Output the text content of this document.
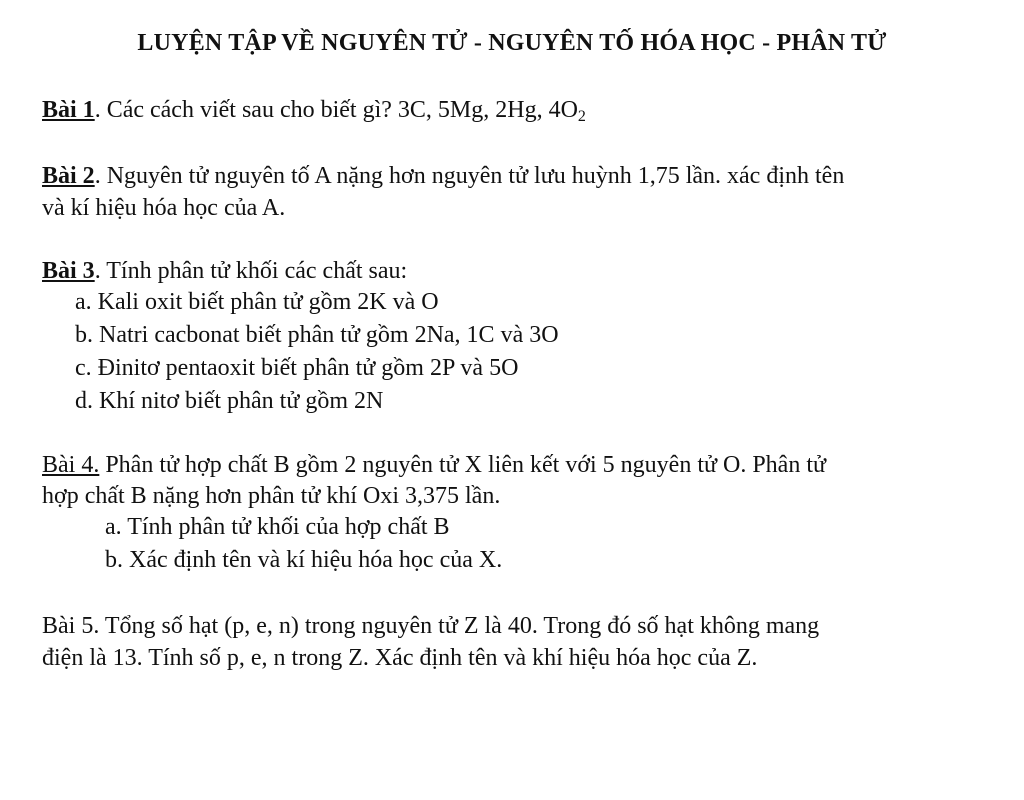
LUYỆN TẬP VỀ NGUYÊN TỬ - NGUYÊN TỐ HÓA HỌC - PHÂN TỬ
Bài 1. Các cách viết sau cho biết gì? 3C, 5Mg, 2Hg, $4O_2$
Bài 2. Nguyên tử nguyên tố A nặng hơn nguyên tử lưu huỳnh 1,75 lần. xác định tên
và kí hiệu hóa học của A.
Bài 3. Tính phân tử khối các chất sau:
a. Kali oxit biết phân tử gồm 2K và O
b. Natri cacbonat biết phân tử gồm 2Na, 1C và 3O
c. Đinitơ pentaoxit biết phân tử gồm 2P và 5O
d. Khí nitơ biết phân tử gồm 2N
Bài 4. Phân tử hợp chất B gồm 2 nguyên tử X liên kết với 5 nguyên tử O. Phân tử
hợp chất B nặng hơn phân tử khí Oxi 3,375 lần.
a. Tính phân tử khối của hợp chất B
b. Xác định tên và kí hiệu hóa học của X.
Bài 5. Tổng số hạt (p, e, n) trong nguyên tử Z là 40. Trong đó số hạt không mang
điện là 13. Tính số p, e, n trong Z. Xác định tên và khí hiệu hóa học của Z.
